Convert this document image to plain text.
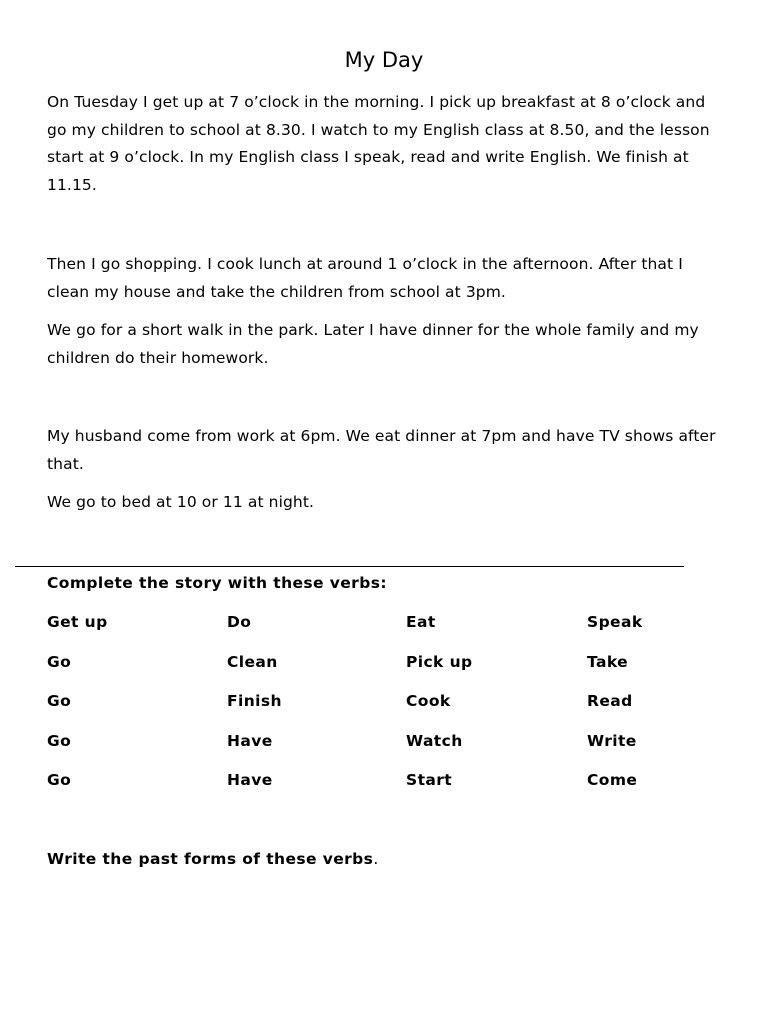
My Day

On Tuesday I get up at 7 o’clock in the morning. I pick up breakfast at 8 o’clock and go my children to school at 8.30. I watch to my English class at 8.50, and the lesson start at 9 o’clock. In my English class I speak, read and write English. We finish at 11.15.

Then I go shopping. I cook lunch at around 1 o’clock in the afternoon. After that I clean my house and take the children from school at 3pm.

We go for a short walk in the park. Later I have dinner for the whole family and my children do their homework.

My husband come from work at 6pm. We eat dinner at 7pm and have TV shows after that.

We go to bed at 10 or 11 at night.

Complete the story with these verbs:
Get up	Do	Eat	Speak
Go	Clean	Pick up	Take
Go	Finish	Cook	Read
Go	Have	Watch	Write
Go	Have	Start	Come
Write the past forms of these verbs.
